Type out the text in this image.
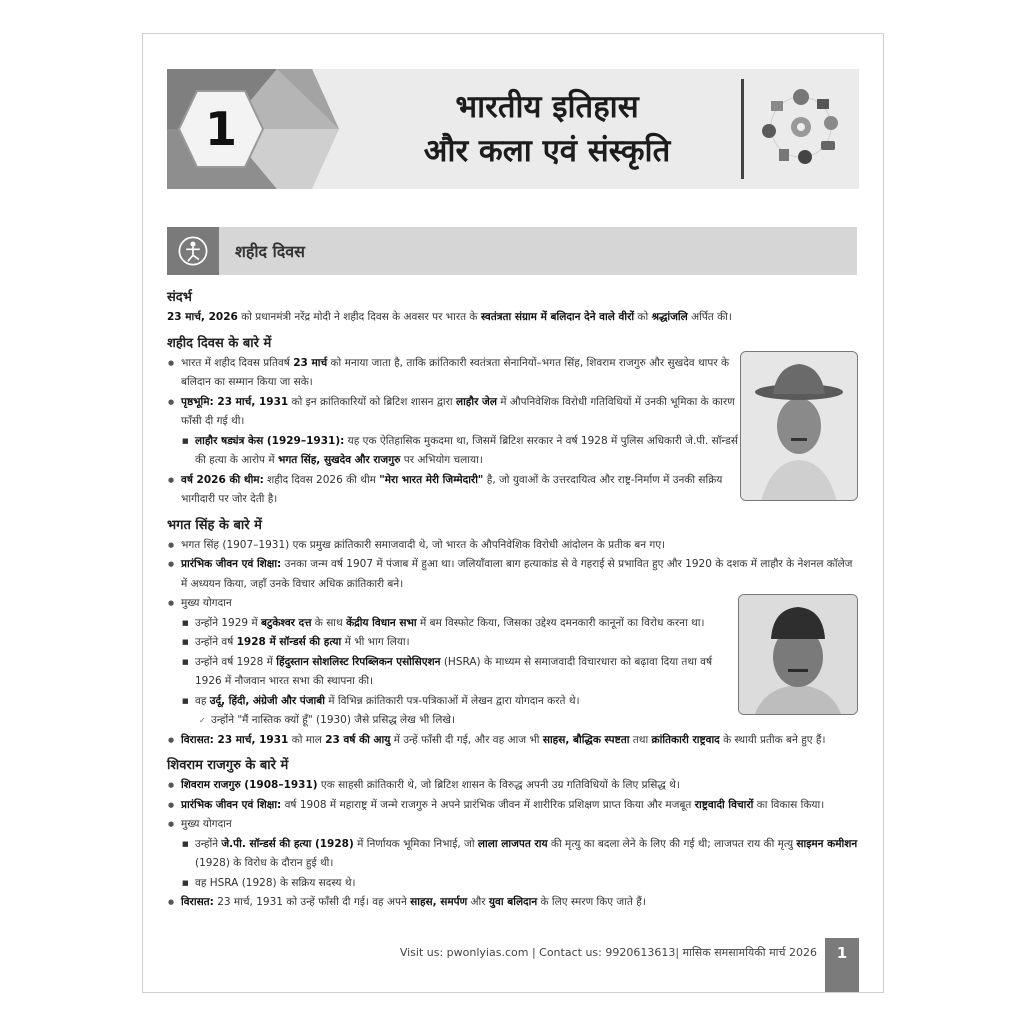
1	भारतीय इतिहास
और कला एवं संस्कृति
शहीद दिवस
संदर्भ

23 मार्च, 2026 को प्रधानमंत्री नरेंद्र मोदी ने शहीद दिवस के अवसर पर भारत के स्वतंत्रता संग्राम में बलिदान देने वाले वीरों को श्रद्धांजलि अर्पित की।

शहीद दिवस के बारे में
● भारत में शहीद दिवस प्रतिवर्ष 23 मार्च को मनाया जाता है, ताकि क्रांतिकारी स्वतंत्रता सेनानियों–भगत सिंह, शिवराम राजगुरु और सुखदेव थापर के बलिदान का सम्मान किया जा सके।
● पृष्ठभूमि: 23 मार्च, 1931 को इन क्रांतिकारियों को ब्रिटिश शासन द्वारा लाहौर जेल में औपनिवेशिक विरोधी गतिविधियों में उनकी भूमिका के कारण फाँसी दी गई थी।
■ लाहौर षड्यंत्र केस (1929–1931): यह एक ऐतिहासिक मुकदमा था, जिसमें ब्रिटिश सरकार ने वर्ष 1928 में पुलिस अधिकारी जे.पी. सॉन्डर्स की हत्या के आरोप में भगत सिंह, सुखदेव और राजगुरु पर अभियोग चलाया।
● वर्ष 2026 की थीम: शहीद दिवस 2026 की थीम "मेरा भारत मेरी जिम्मेदारी" है, जो युवाओं के उत्तरदायित्व और राष्ट्र-निर्माण में उनकी सक्रिय भागीदारी पर जोर देती है।
भगत सिंह के बारे में
● भगत सिंह (1907–1931) एक प्रमुख क्रांतिकारी समाजवादी थे, जो भारत के औपनिवेशिक विरोधी आंदोलन के प्रतीक बन गए।
● प्रारंभिक जीवन एवं शिक्षा: उनका जन्म वर्ष 1907 में पंजाब में हुआ था। जलियाँवाला बाग हत्याकांड से वे गहराई से प्रभावित हुए और 1920 के दशक में लाहौर के नेशनल कॉलेज में अध्ययन किया, जहाँ उनके विचार अधिक क्रांतिकारी बने।
● मुख्य योगदान
■ उन्होंने 1929 में बटुकेश्वर दत्त के साथ केंद्रीय विधान सभा में बम विस्फोट किया, जिसका उद्देश्य दमनकारी कानूनों का विरोध करना था।
■ उन्होंने वर्ष 1928 में सॉन्डर्स की हत्या में भी भाग लिया।
■ उन्होंने वर्ष 1928 में हिंदुस्तान सोशलिस्ट रिपब्लिकन एसोसिएशन (HSRA) के माध्यम से समाजवादी विचारधारा को बढ़ावा दिया तथा वर्ष 1926 में नौजवान भारत सभा की स्थापना की।
■ वह उर्दू, हिंदी, अंग्रेजी और पंजाबी में विभिन्न क्रांतिकारी पत्र-पत्रिकाओं में लेखन द्वारा योगदान करते थे।
✓ उन्होंने "मैं नास्तिक क्यों हूँ" (1930) जैसे प्रसिद्ध लेख भी लिखे।
● विरासत: 23 मार्च, 1931 को माल 23 वर्ष की आयु में उन्हें फाँसी दी गई, और वह आज भी साहस, बौद्धिक स्पष्टता तथा क्रांतिकारी राष्ट्रवाद के स्थायी प्रतीक बने हुए हैं।
शिवराम राजगुरु के बारे में
● शिवराम राजगुरु (1908–1931) एक साहसी क्रांतिकारी थे, जो ब्रिटिश शासन के विरुद्ध अपनी उग्र गतिविधियों के लिए प्रसिद्ध थे।
● प्रारंभिक जीवन एवं शिक्षा: वर्ष 1908 में महाराष्ट्र में जन्मे राजगुरु ने अपने प्रारंभिक जीवन में शारीरिक प्रशिक्षण प्राप्त किया और मजबूत राष्ट्रवादी विचारों का विकास किया।
● मुख्य योगदान
■ उन्होंने जे.पी. सॉन्डर्स की हत्या (1928) में निर्णायक भूमिका निभाई, जो लाला लाजपत राय की मृत्यु का बदला लेने के लिए की गई थी; लाजपत राय की मृत्यु साइमन कमीशन (1928) के विरोध के दौरान हुई थी।
■ वह HSRA (1928) के सक्रिय सदस्य थे।
● विरासत: 23 मार्च, 1931 को उन्हें फाँसी दी गई। वह अपने साहस, समर्पण और युवा बलिदान के लिए स्मरण किए जाते हैं।
Visit us: pwonlyias.com | Contact us: 9920613613| मासिक समसामयिकी मार्च 2026	1
